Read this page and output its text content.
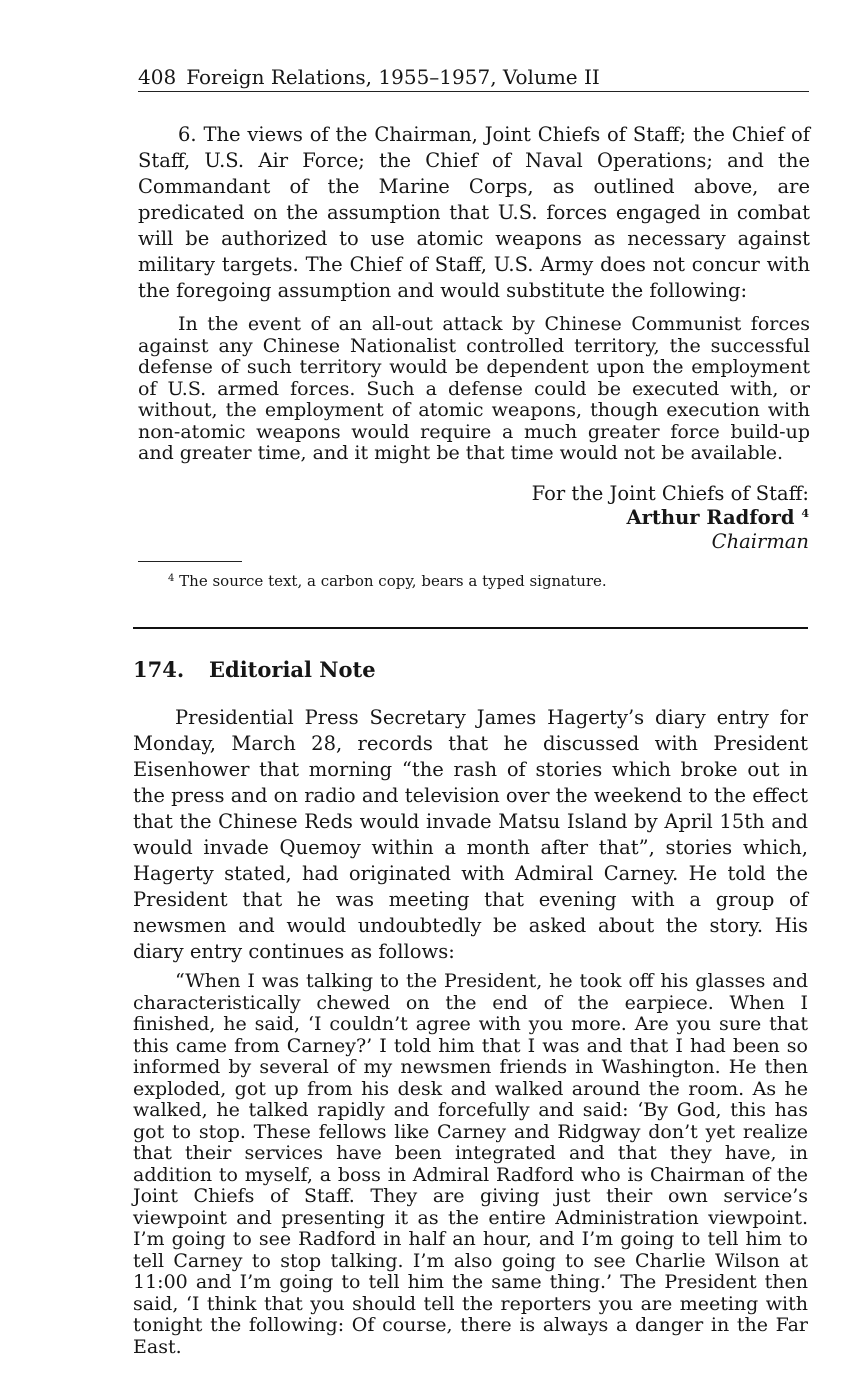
408 Foreign Relations, 1955–1957, Volume II

6. The views of the Chairman, Joint Chiefs of Staff; the Chief of Staff, U.S. Air Force; the Chief of Naval Operations; and the Commandant of the Marine Corps, as outlined above, are predicated on the assumption that U.S. forces engaged in combat will be authorized to use atomic weapons as necessary against military targets. The Chief of Staff, U.S. Army does not concur with the foregoing assumption and would substitute the following:

In the event of an all-out attack by Chinese Communist forces against any Chinese Nationalist controlled territory, the successful defense of such territory would be dependent upon the employment of U.S. armed forces. Such a defense could be executed with, or without, the employment of atomic weapons, though execution with non-atomic weapons would require a much greater force build-up and greater time, and it might be that time would not be available.

For the Joint Chiefs of Staff:
Arthur Radford $^4$
Chairman
$^4$ The source text, a carbon copy, bears a typed signature.
174. Editorial Note

Presidential Press Secretary James Hagerty’s diary entry for Monday, March 28, records that he discussed with President Eisenhower that morning “the rash of stories which broke out in the press and on radio and television over the weekend to the effect that the Chinese Reds would invade Matsu Island by April 15th and would invade Quemoy within a month after that”, stories which, Hagerty stated, had originated with Admiral Carney. He told the President that he was meeting that evening with a group of newsmen and would undoubtedly be asked about the story. His diary entry continues as follows:

“When I was talking to the President, he took off his glasses and characteristically chewed on the end of the earpiece. When I finished, he said, ‘I couldn’t agree with you more. Are you sure that this came from Carney?’ I told him that I was and that I had been so informed by several of my newsmen friends in Washington. He then exploded, got up from his desk and walked around the room. As he walked, he talked rapidly and forcefully and said: ‘By God, this has got to stop. These fellows like Carney and Ridgway don’t yet realize that their services have been integrated and that they have, in addition to myself, a boss in Admiral Radford who is Chairman of the Joint Chiefs of Staff. They are giving just their own service’s viewpoint and presenting it as the entire Administration viewpoint. I’m going to see Radford in half an hour, and I’m going to tell him to tell Carney to stop talking. I’m also going to see Charlie Wilson at 11:00 and I’m going to tell him the same thing.’ The President then said, ‘I think that you should tell the reporters you are meeting with tonight the following: Of course, there is always a danger in the Far East.
